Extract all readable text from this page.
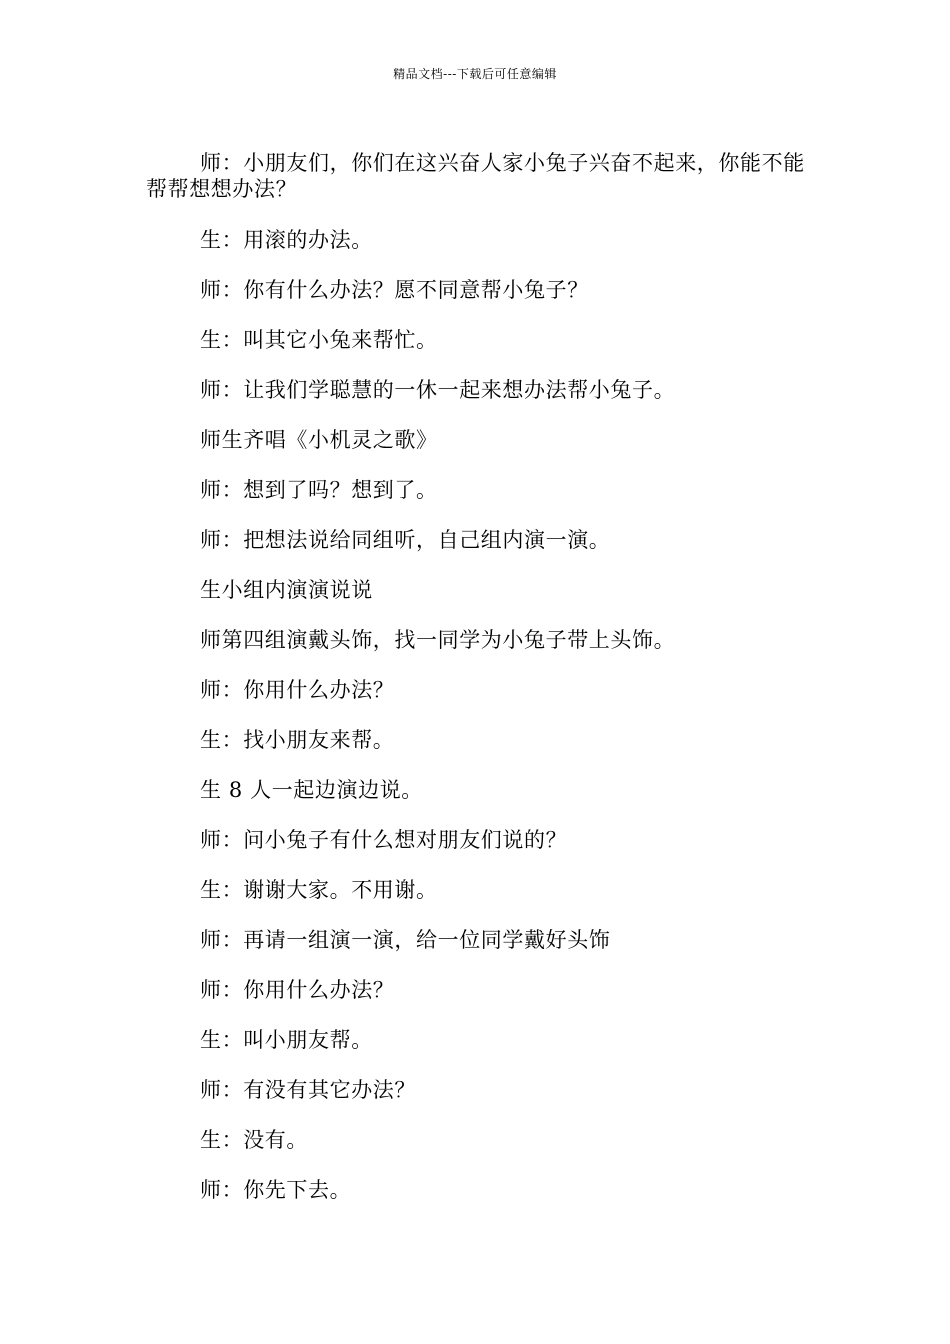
精品文档---下载后可任意编辑

师：小朋友们，你们在这兴奋人家小兔子兴奋不起来，你能不能帮帮想想办法？

生：用滚的办法。

师：你有什么办法？愿不同意帮小兔子？

生：叫其它小兔来帮忙。

师：让我们学聪慧的一休一起来想办法帮小兔子。

师生齐唱《小机灵之歌》

师：想到了吗？想到了。

师：把想法说给同组听，自己组内演一演。

生小组内演演说说

师第四组演戴头饰，找一同学为小兔子带上头饰。

师：你用什么办法？

生：找小朋友来帮。

生 8 人一起边演边说。

师：问小兔子有什么想对朋友们说的？

生：谢谢大家。不用谢。

师：再请一组演一演，给一位同学戴好头饰

师：你用什么办法？

生：叫小朋友帮。

师：有没有其它办法？

生：没有。

师：你先下去。
